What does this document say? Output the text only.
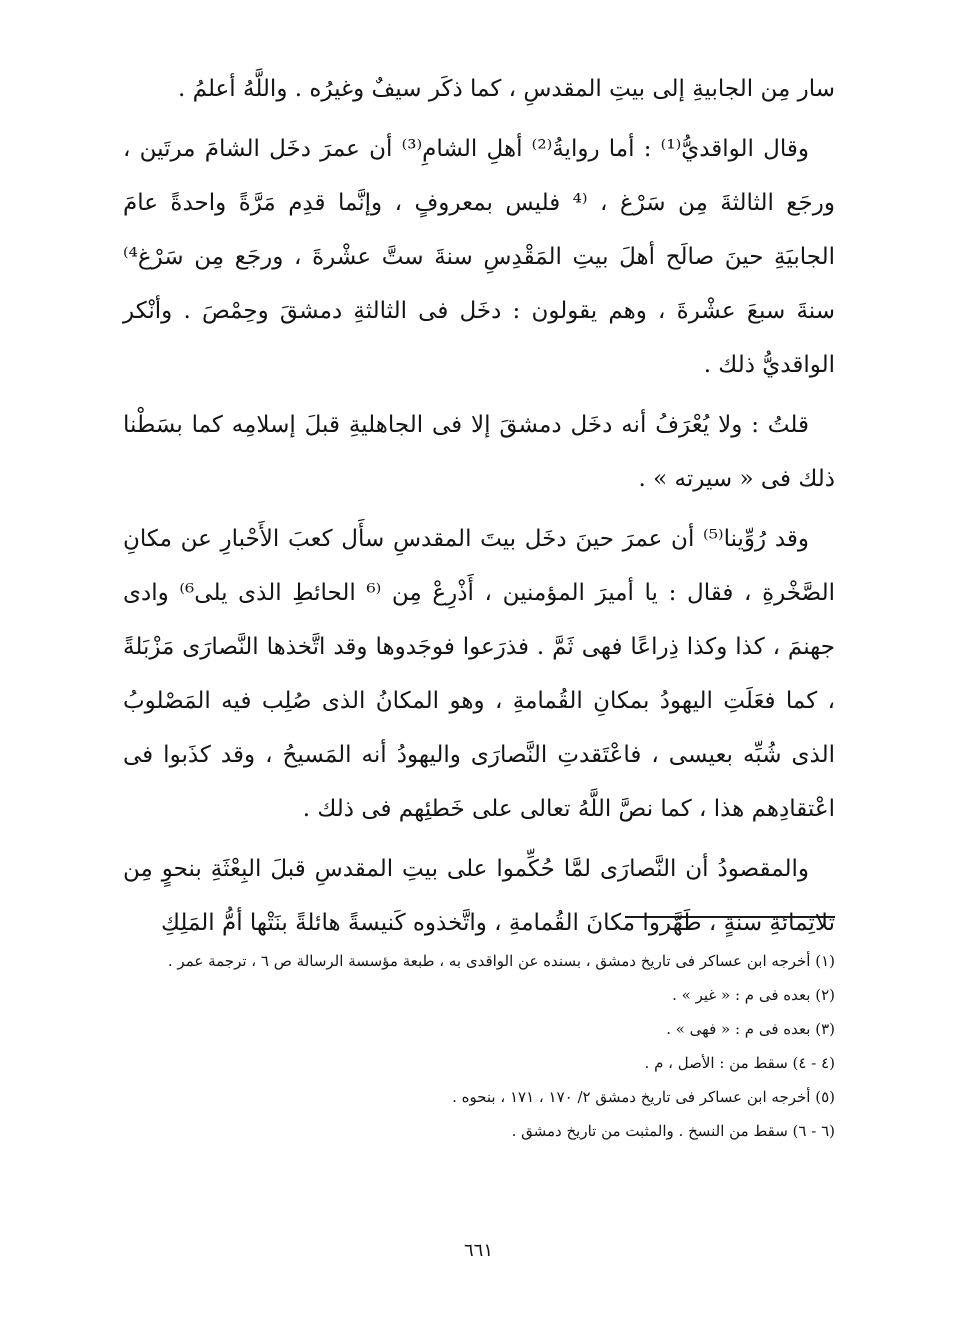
سار مِن الجابيةِ إلى بيتِ المقدسِ ، كما ذكَر سيفٌ وغيرُه . واللَّهُ أعلمُ .

وقال الواقديُّ⁽¹⁾ : أما روايةُ⁽²⁾ أهلِ الشامِ⁽³⁾ أن عمرَ دخَل الشامَ مرتَين ، ورجَع الثالثةَ مِن سَرْغ ، ⁽⁴ فليس بمعروفٍ ، وإنَّما قدِم مَرَّةً واحدةً عامَ الجابيَةِ حينَ صالَح أهلَ بيتِ المَقْدِسِ سنةَ ستَّ عشْرةَ ، ورجَع مِن سَرْغ⁴⁾ سنةَ سبعَ عشْرةَ ، وهم يقولون : دخَل فى الثالثةِ دمشقَ وحِمْصَ . وأنْكر الواقديُّ ذلك .

قلتُ : ولا يُعْرَفُ أنه دخَل دمشقَ إلا فى الجاهليةِ قبلَ إسلامِه كما بسَطْنا ذلك فى « سيرته » .

وقد رُوِّينا⁽⁵⁾ أن عمرَ حينَ دخَل بيتَ المقدسِ سأَل كعبَ الأَحْبارِ عن مكانِ الصَّخْرةِ ، فقال : يا أميرَ المؤمنين ، أَذْرِعْ مِن ⁽⁶ الحائطِ الذى يلى⁶⁾ وادى جهنمَ ، كذا وكذا ذِراعًا فهى ثَمَّ . فذرَعوا فوجَدوها وقد اتَّخذها النَّصارَى مَزْبَلةً ، كما فعَلَتِ اليهودُ بمكانِ القُمامةِ ، وهو المكانُ الذى صُلِب فيه المَصْلوبُ الذى شُبِّه بعيسى ، فاعْتَقدتِ النَّصارَى واليهودُ أنه المَسيحُ ، وقد كذَبوا فى اعْتقادِهم هذا ، كما نصَّ اللَّهُ تعالى على خَطئِهم فى ذلك .

والمقصودُ أن النَّصارَى لمَّا حُكِّموا على بيتِ المقدسِ قبلَ البِعْثَةِ بنحوٍ مِن ثلاثِمائةِ سنةٍ ، طَهَّروا مكانَ القُمامةِ ، واتَّخذوه كَنيسةً هائلةً بنَتْها أمُّ المَلِكِ

(١) أخرجه ابن عساكر فى تاريخ دمشق ، بسنده عن الواقدى به ، طبعة مؤسسة الرسالة ص ٦ ، ترجمة عمر .

(٢) بعده فى م : « غير » .

(٣) بعده فى م : « فهى » .

(٤ - ٤) سقط من : الأصل ، م .

(٥) أخرجه ابن عساكر فى تاريخ دمشق ٢/ ١٧٠ ، ١٧١ ، بنحوه .

(٦ - ٦) سقط من النسخ . والمثبت من تاريخ دمشق .

٦٦١
